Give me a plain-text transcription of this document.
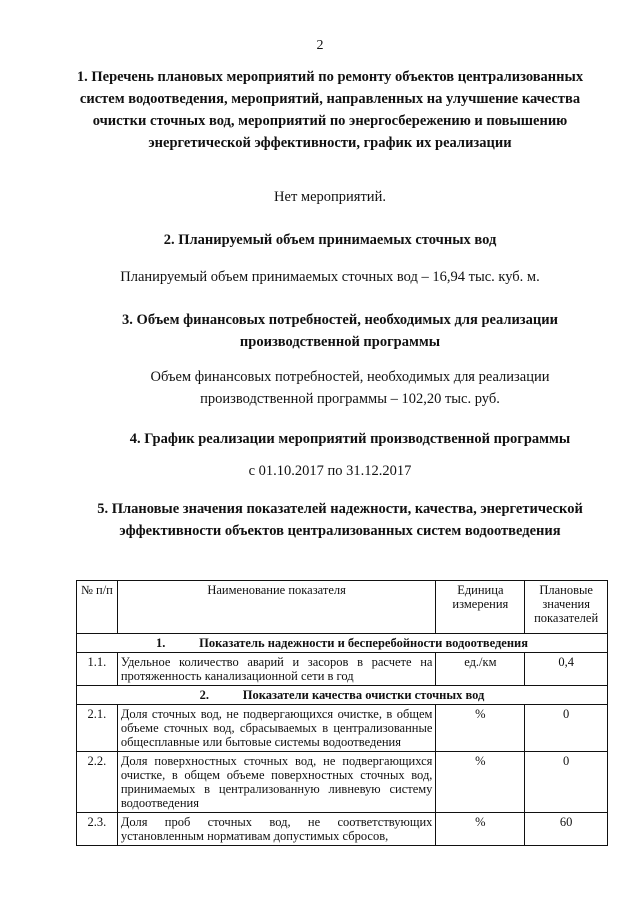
2

1. Перечень плановых мероприятий по ремонту объектов централизованных систем водоотведения, мероприятий, направленных на улучшение качества очистки сточных вод, мероприятий по энергосбережению и повышению энергетической эффективности, график их реализации

Нет мероприятий.

2. Планируемый объем принимаемых сточных вод

Планируемый объем принимаемых сточных вод – 16,94 тыс. куб. м.

3. Объем финансовых потребностей, необходимых для реализации производственной программы

Объем финансовых потребностей, необходимых для реализации производственной программы – 102,20 тыс. руб.

4. График реализации мероприятий производственной программы

с 01.10.2017 по 31.12.2017

5. Плановые значения показателей надежности, качества, энергетической эффективности объектов централизованных систем водоотведения

№ п/п	Наименование показателя	Единица измерения	Плановые значения показателей
1. Показатель надежности и бесперебойности водоотведения			
1.1.	Удельное количество аварий и засоров в расчете на протяженность канализационной сети в год	ед./км	0,4
2. Показатели качества очистки сточных вод			
2.1.	Доля сточных вод, не подвергающихся очистке, в общем объеме сточных вод, сбрасываемых в централизованные общесплавные или бытовые системы водоотведения	%	0
2.2.	Доля поверхностных сточных вод, не подвергающихся очистке, в общем объеме поверхностных сточных вод, принимаемых в централизованную ливневую систему водоотведения	%	0
2.3.	Доля проб сточных вод, не соответствующих установленным нормативам допустимых сбросов,	%	60
